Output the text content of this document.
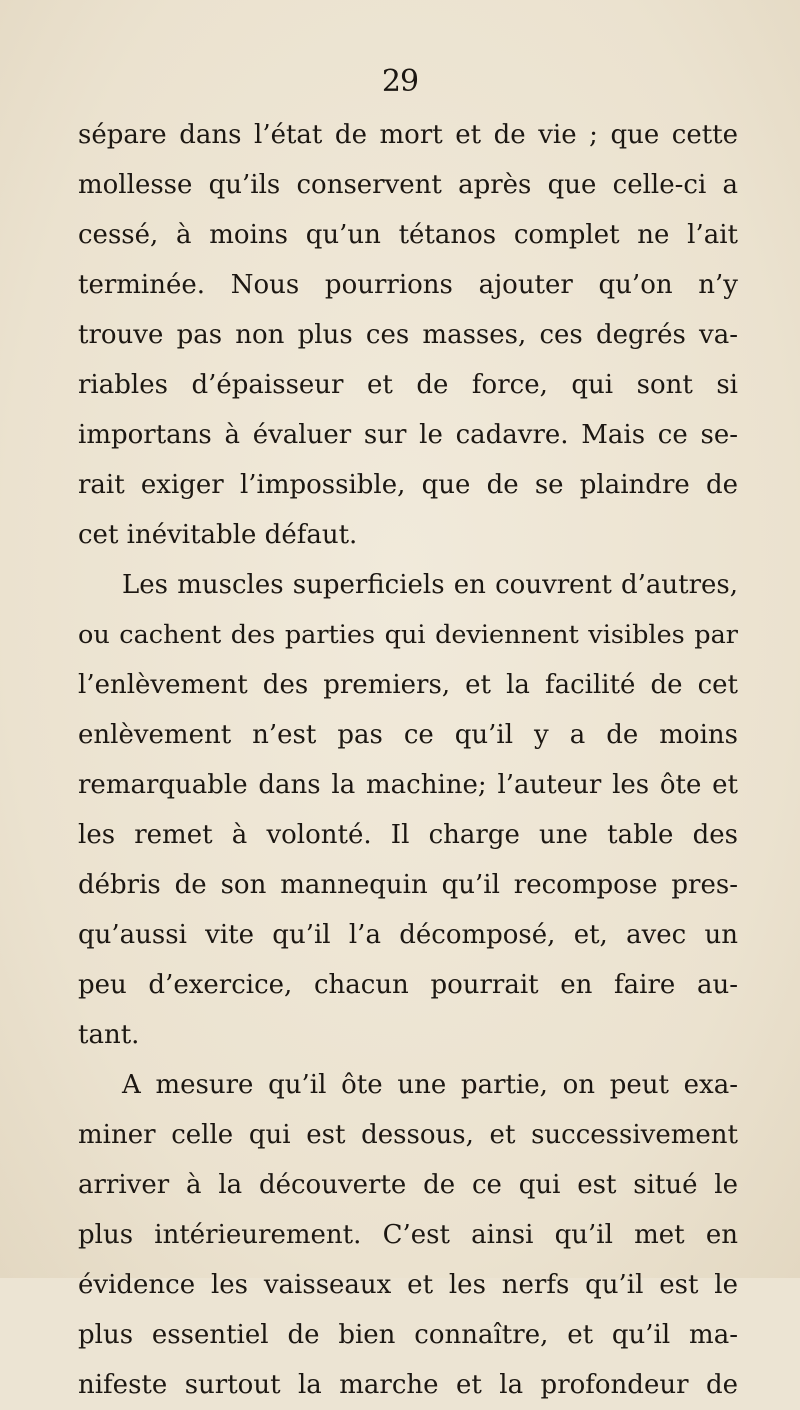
29
sépare dans l’état de mort et de vie ; que cette
mollesse qu’ils conservent après que celle-ci a
cessé, à moins qu’un tétanos complet ne l’ait
terminée. Nous pourrions ajouter qu’on n’y
trouve pas non plus ces masses, ces degrés va-
riables d’épaisseur et de force, qui sont si
importans à évaluer sur le cadavre. Mais ce se-
rait exiger l’impossible, que de se plaindre de
cet inévitable défaut.
Les muscles superficiels en couvrent d’autres,
ou cachent des parties qui deviennent visibles par
l’enlèvement des premiers, et la facilité de cet
enlèvement n’est pas ce qu’il y a de moins
remarquable dans la machine; l’auteur les ôte et
les remet à volonté. Il charge une table des
débris de son mannequin qu’il recompose pres-
qu’aussi vite qu’il l’a décomposé, et, avec un
peu d’exercice, chacun pourrait en faire au-
tant.
A mesure qu’il ôte une partie, on peut exa-
miner celle qui est dessous, et successivement
arriver à la découverte de ce qui est situé le
plus intérieurement. C’est ainsi qu’il met en
évidence les vaisseaux et les nerfs qu’il est le
plus essentiel de bien connaître, et qu’il ma-
nifeste surtout la marche et la profondeur de
